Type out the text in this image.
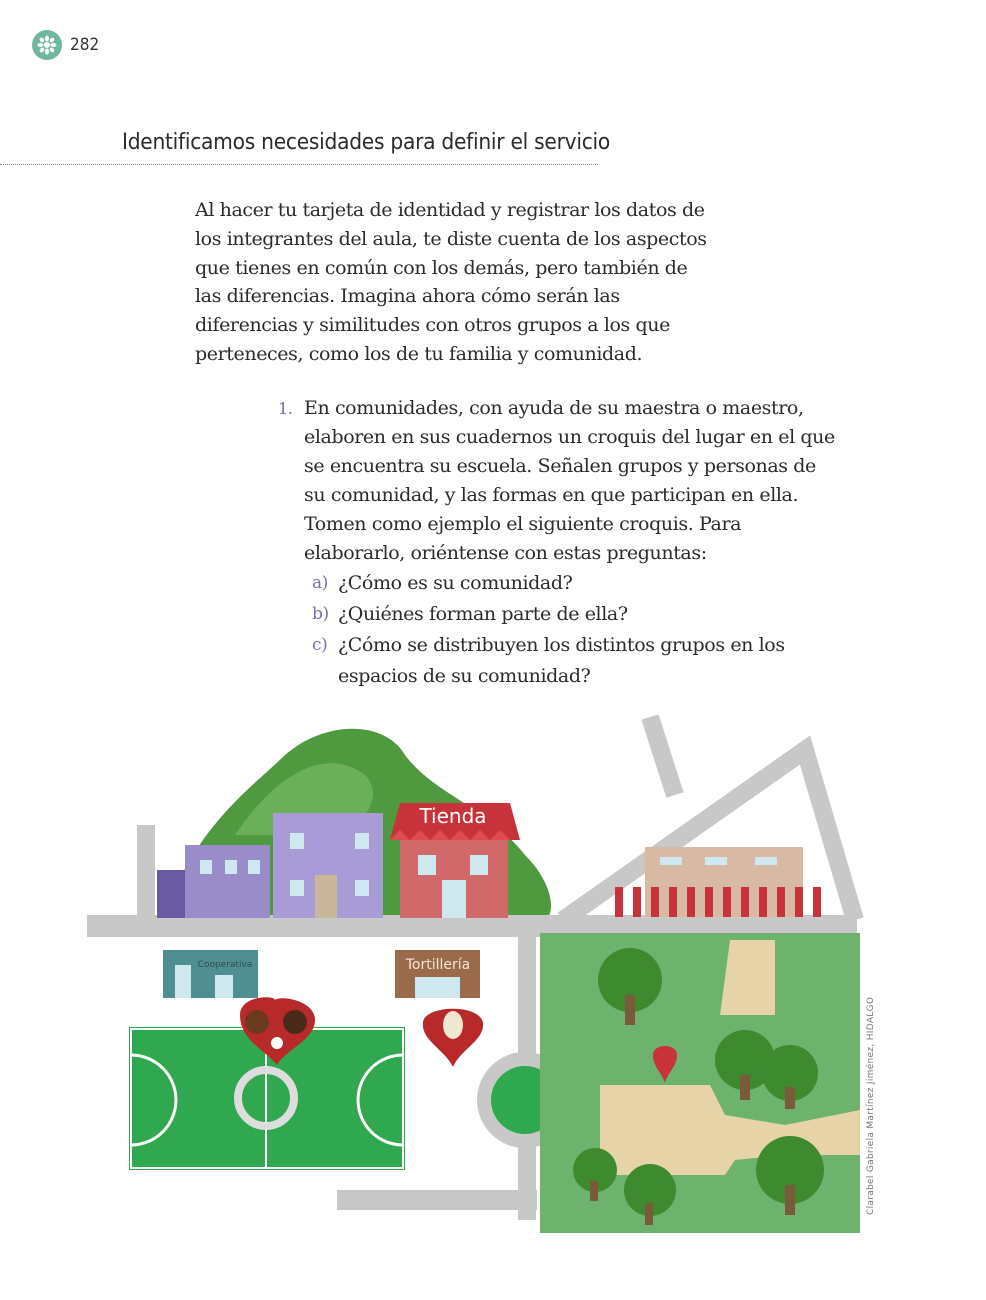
282
Identificamos necesidades para definir el servicio

Al hacer tu tarjeta de identidad y registrar los datos de los integrantes del aula, te diste cuenta de los aspectos que tienes en común con los demás, pero también de las diferencias. Imagina ahora cómo serán las diferencias y similitudes con otros grupos a los que perteneces, como los de tu familia y comunidad.

1. En comunidades, con ayuda de su maestra o maestro, elaboren en sus cuadernos un croquis del lugar en el que se encuentra su escuela. Señalen grupos y personas de su comunidad, y las formas en que participan en ella. Tomen como ejemplo el siguiente croquis. Para elaborarlo, oriéntense con estas preguntas:
a) ¿Cómo es su comunidad?
b) ¿Quiénes forman parte de ella?
c) ¿Cómo se distribuyen los distintos grupos en los espacios de su comunidad?
Tienda
Cooperativa	Tortillería
Clarabel Gabriela Martínez Jiménez, HIDALGO
